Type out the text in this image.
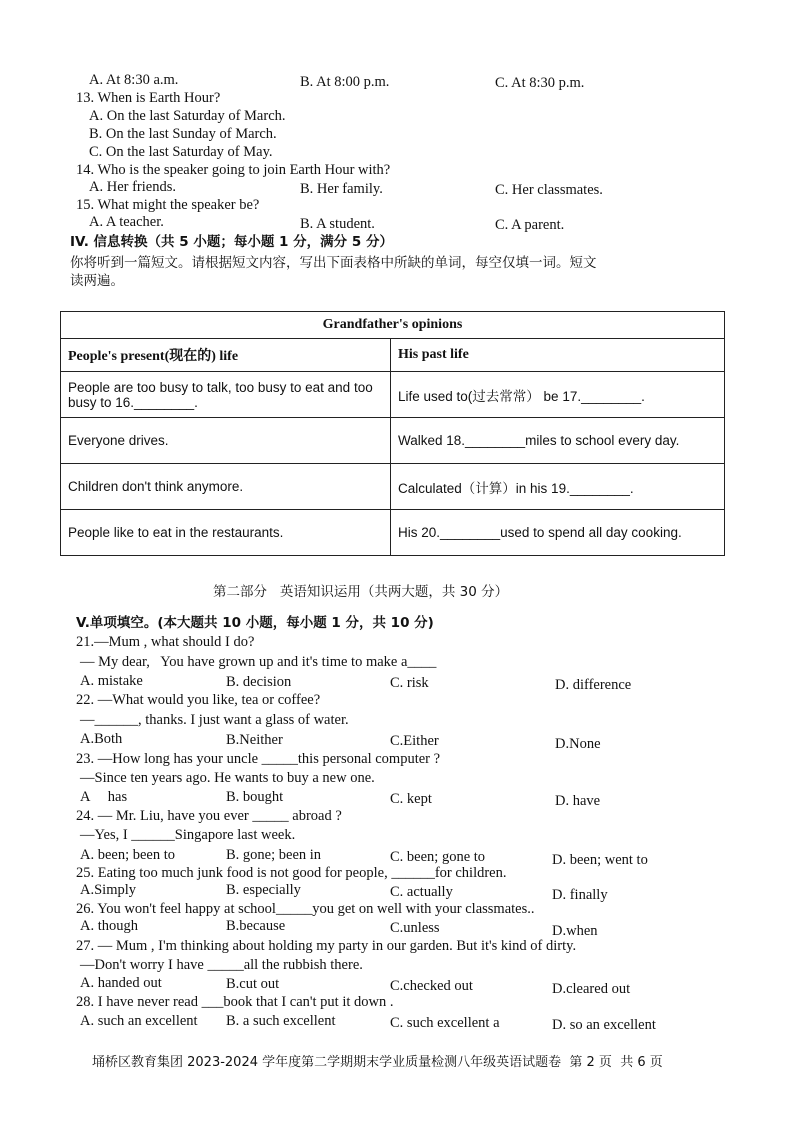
A. At 8:30 a.m.	B. At 8:00 p.m.	C. At 8:30 p.m.
13. When is Earth Hour?
A. On the last Saturday of March.
B. On the last Sunday of March.
C. On the last Saturday of May.
14. Who is the speaker going to join Earth Hour with?
A. Her friends.	B. Her family.	C. Her classmates.
15. What might the speaker be?
A. A teacher.	B. A student.	C. A parent.
IV. 信息转换（共 5 小题；每小题 1 分，满分 5 分）
你将听到一篇短文。请根据短文内容，写出下面表格中所缺的单词，每空仅填一词。短文
读两遍。
Grandfather's opinions	
People's present(现在的) life	His past life
People are too busy to talk, too busy to eat and too busy to 16.________.	Life used to(过去常常） be 17.________.
Everyone drives.	Walked 18.________miles to school every day.
Children don't think anymore.	Calculated（计算）in his 19.________.
People like to eat in the restaurants.	His 20.________used to spend all day cooking.
第二部分   英语知识运用（共两大题，共 30 分）
V.单项填空。(本大题共 10 小题，每小题 1 分，共 10 分)
21.—Mum , what should I do?
— My dear,   You have grown up and it's time to make a____
A. mistake	B. decision	C. risk	D. difference
22. —What would you like, tea or coffee?
—______, thanks. I just want a glass of water.
A.Both	B.Neither	C.Either	D.None
23. —How long has your uncle _____this personal computer ?
—Since ten years ago. He wants to buy a new one.
A     has	B. bought	C. kept	D. have
24. — Mr. Liu, have you ever _____ abroad ?
—Yes, I ______Singapore last week.
A. been; been to	B. gone; been in	C. been; gone to	D. been; went to
25. Eating too much junk food is not good for people, ______for children.
A.Simply	B. especially	C. actually	D. finally
26. You won't feel happy at school_____you get on well with your classmates..
A. though	B.because	C.unless	D.when
27. — Mum , I'm thinking about holding my party in our garden. But it's kind of dirty.
—Don't worry I have _____all the rubbish there.
A. handed out	B.cut out	C.checked out	D.cleared out
28. I have never read ___book that I can't put it down .
A. such an excellent B. a such excellent	C. such excellent a	D. so an excellent
埇桥区教育集团 2023-2024 学年度第二学期期末学业质量检测八年级英语试题卷  第 2 页  共 6 页
